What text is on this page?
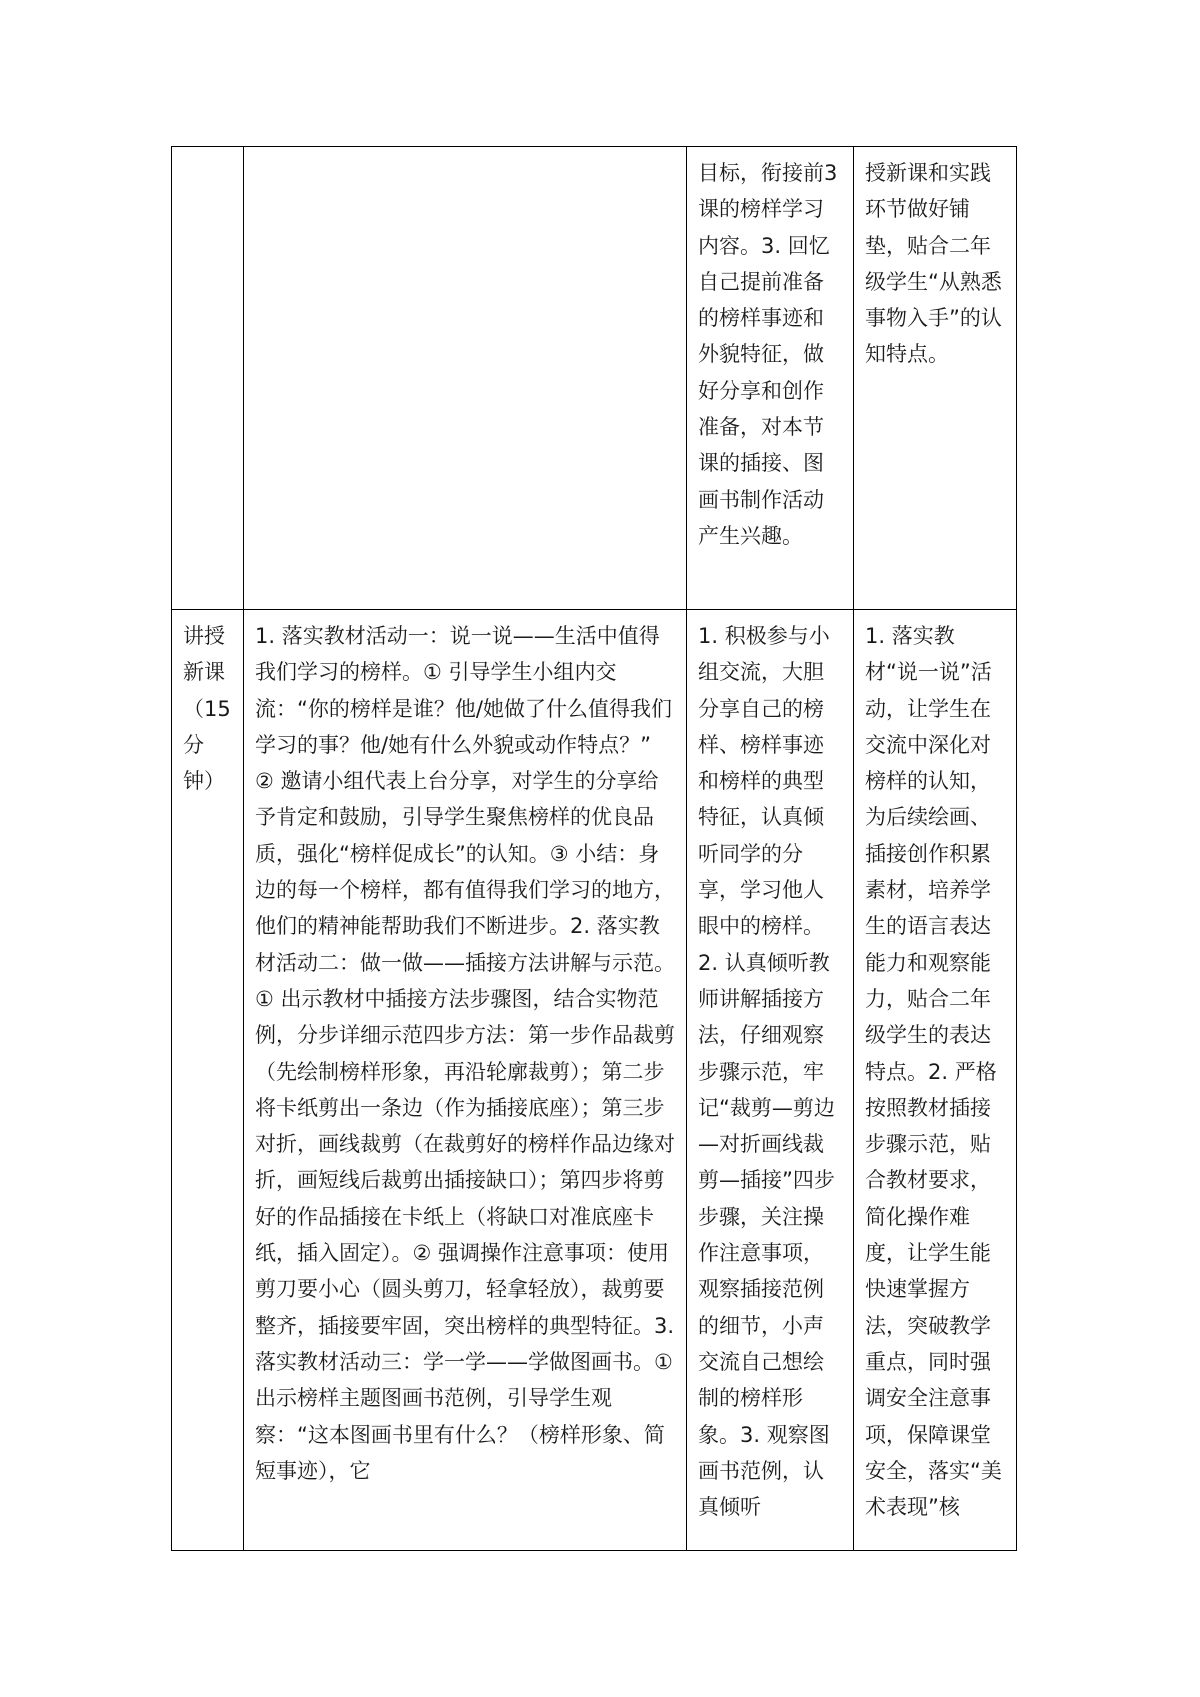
		目标，衔接前3课的榜样学习内容。3. 回忆自己提前准备的榜样事迹和外貌特征，做好分享和创作准备，对本节课的插接、图画书制作活动产生兴趣。	授新课和实践环节做好铺垫，贴合二年级学生“从熟悉事物入手”的认知特点。

讲授新课（15分钟）	1. 落实教材活动一：说一说——生活中值得我们学习的榜样。① 引导学生小组内交流：“你的榜样是谁？他/她做了什么值得我们学习的事？他/她有什么外貌或动作特点？” ② 邀请小组代表上台分享，对学生的分享给予肯定和鼓励，引导学生聚焦榜样的优良品质，强化“榜样促成长”的认知。③ 小结：身边的每一个榜样，都有值得我们学习的地方，他们的精神能帮助我们不断进步。2. 落实教材活动二：做一做——插接方法讲解与示范。① 出示教材中插接方法步骤图，结合实物范例，分步详细示范四步方法：第一步作品裁剪（先绘制榜样形象，再沿轮廓裁剪）；第二步将卡纸剪出一条边（作为插接底座）；第三步对折，画线裁剪（在裁剪好的榜样作品边缘对折，画短线后裁剪出插接缺口）；第四步将剪好的作品插接在卡纸上（将缺口对准底座卡纸，插入固定）。② 强调操作注意事项：使用剪刀要小心（圆头剪刀，轻拿轻放），裁剪要整齐，插接要牢固，突出榜样的典型特征。3. 落实教材活动三：学一学——学做图画书。① 出示榜样主题图画书范例，引导学生观察：“这本图画书里有什么？（榜样形象、简短事迹），它	1. 积极参与小组交流，大胆分享自己的榜样、榜样事迹和榜样的典型特征，认真倾听同学的分享，学习他人眼中的榜样。2. 认真倾听教师讲解插接方法，仔细观察步骤示范，牢记“裁剪—剪边—对折画线裁剪—插接”四步步骤，关注操作注意事项，观察插接范例的细节，小声交流自己想绘制的榜样形象。3. 观察图画书范例，认真倾听	1. 落实教材“说一说”活动，让学生在交流中深化对榜样的认知，为后续绘画、插接创作积累素材，培养学生的语言表达能力和观察能力，贴合二年级学生的表达特点。2. 严格按照教材插接步骤示范，贴合教材要求，简化操作难度，让学生能快速掌握方法，突破教学重点，同时强调安全注意事项，保障课堂安全，落实“美术表现”核
